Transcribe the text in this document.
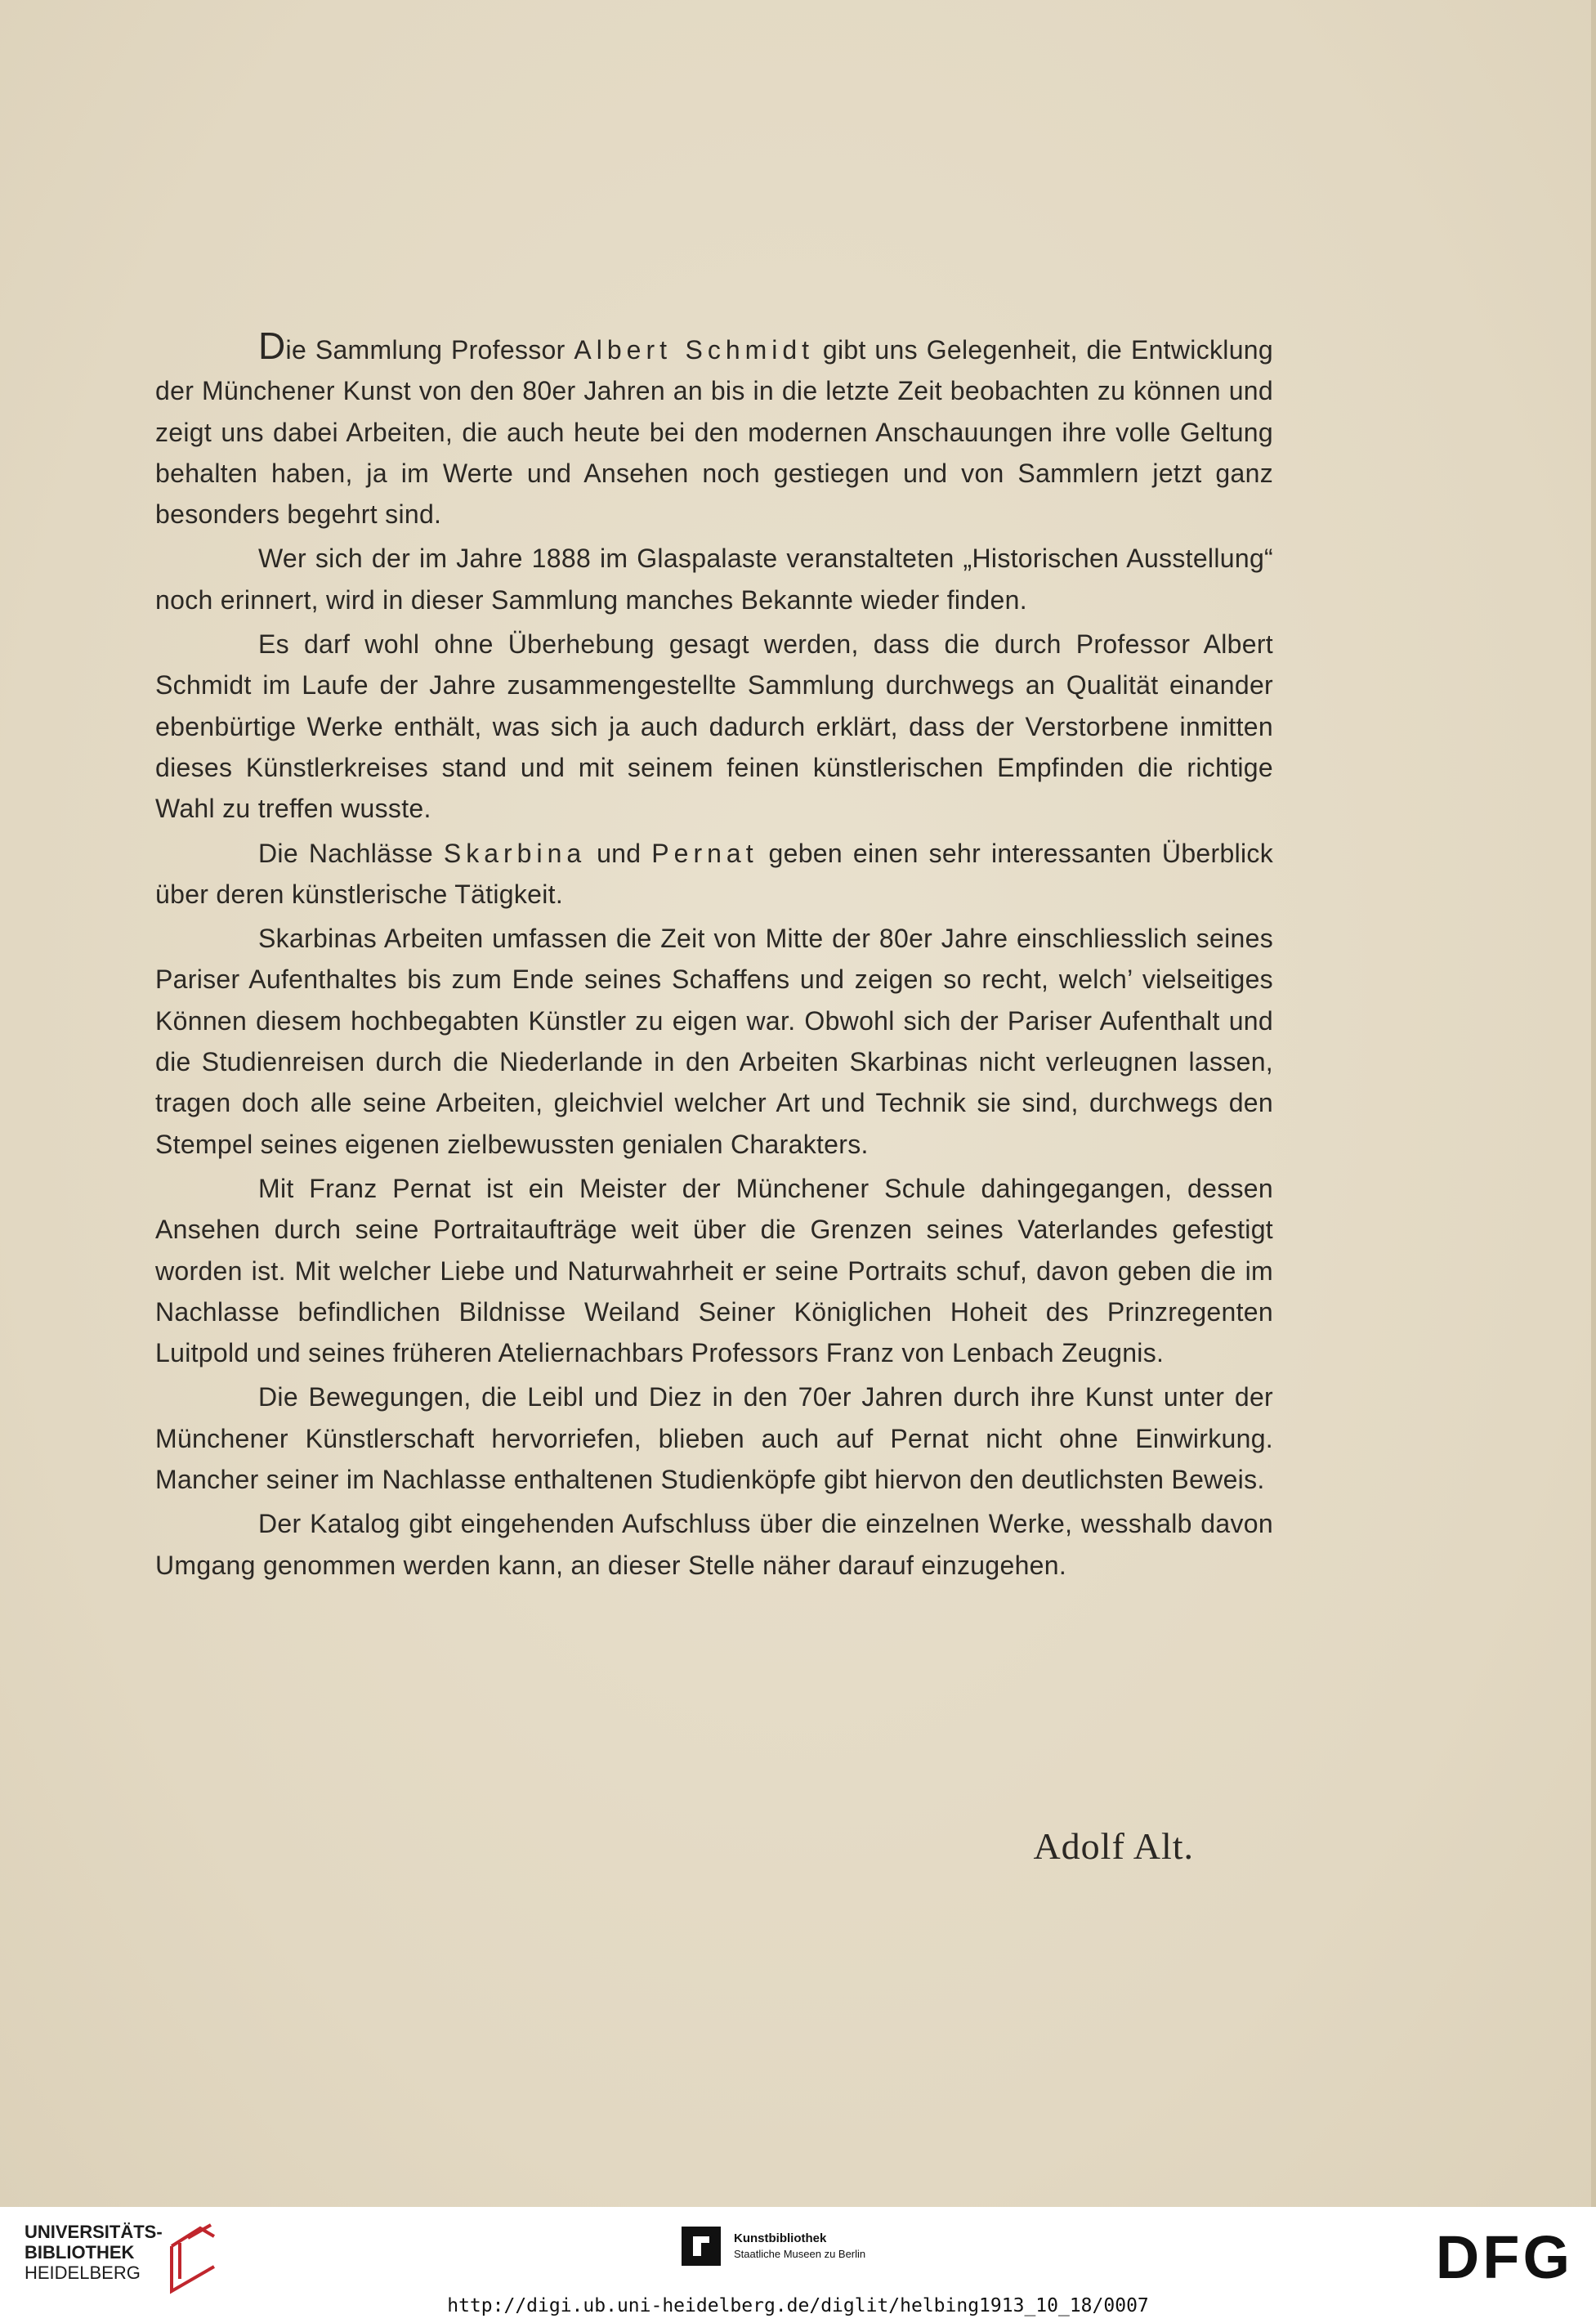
Die Sammlung Professor Albert Schmidt gibt uns Gelegenheit, die Entwicklung der Münchener Kunst von den 80er Jahren an bis in die letzte Zeit beobachten zu können und zeigt uns dabei Arbeiten, die auch heute bei den modernen Anschauungen ihre volle Geltung behalten haben, ja im Werte und Ansehen noch gestiegen und von Sammlern jetzt ganz besonders begehrt sind.

Wer sich der im Jahre 1888 im Glaspalaste veranstalteten „Historischen Ausstellung“ noch erinnert, wird in dieser Sammlung manches Bekannte wieder finden.

Es darf wohl ohne Überhebung gesagt werden, dass die durch Professor Albert Schmidt im Laufe der Jahre zusammengestellte Sammlung durchwegs an Qualität einander ebenbürtige Werke enthält, was sich ja auch dadurch erklärt, dass der Verstorbene inmitten dieses Künstlerkreises stand und mit seinem feinen künstlerischen Empfinden die richtige Wahl zu treffen wusste.

Die Nachlässe Skarbina und Pernat geben einen sehr interessanten Überblick über deren künstlerische Tätigkeit.

Skarbinas Arbeiten umfassen die Zeit von Mitte der 80er Jahre einschliesslich seines Pariser Aufenthaltes bis zum Ende seines Schaffens und zeigen so recht, welch’ vielseitiges Können diesem hochbegabten Künstler zu eigen war. Obwohl sich der Pariser Aufenthalt und die Studienreisen durch die Niederlande in den Arbeiten Skarbinas nicht verleugnen lassen, tragen doch alle seine Arbeiten, gleichviel welcher Art und Technik sie sind, durchwegs den Stempel seines eigenen zielbewussten genialen Charakters.

Mit Franz Pernat ist ein Meister der Münchener Schule dahingegangen, dessen Ansehen durch seine Portraitaufträge weit über die Grenzen seines Vaterlandes gefestigt worden ist. Mit welcher Liebe und Naturwahrheit er seine Portraits schuf, davon geben die im Nachlasse befindlichen Bildnisse Weiland Seiner Königlichen Hoheit des Prinzregenten Luitpold und seines früheren Ateliernachbars Professors Franz von Lenbach Zeugnis.

Die Bewegungen, die Leibl und Diez in den 70er Jahren durch ihre Kunst unter der Münchener Künstlerschaft hervorriefen, blieben auch auf Pernat nicht ohne Einwirkung. Mancher seiner im Nachlasse enthaltenen Studienköpfe gibt hiervon den deutlichsten Beweis.

Der Katalog gibt eingehenden Aufschluss über die einzelnen Werke, wesshalb davon Umgang genommen werden kann, an dieser Stelle näher darauf einzugehen.

Adolf Alt.
UNIVERSITÄTS-
BIBLIOTHEK
HEIDELBERG
Kunstbibliothek
Staatliche Museen zu Berlin	DFG
http://digi.ub.uni-heidelberg.de/diglit/helbing1913_10_18/0007
